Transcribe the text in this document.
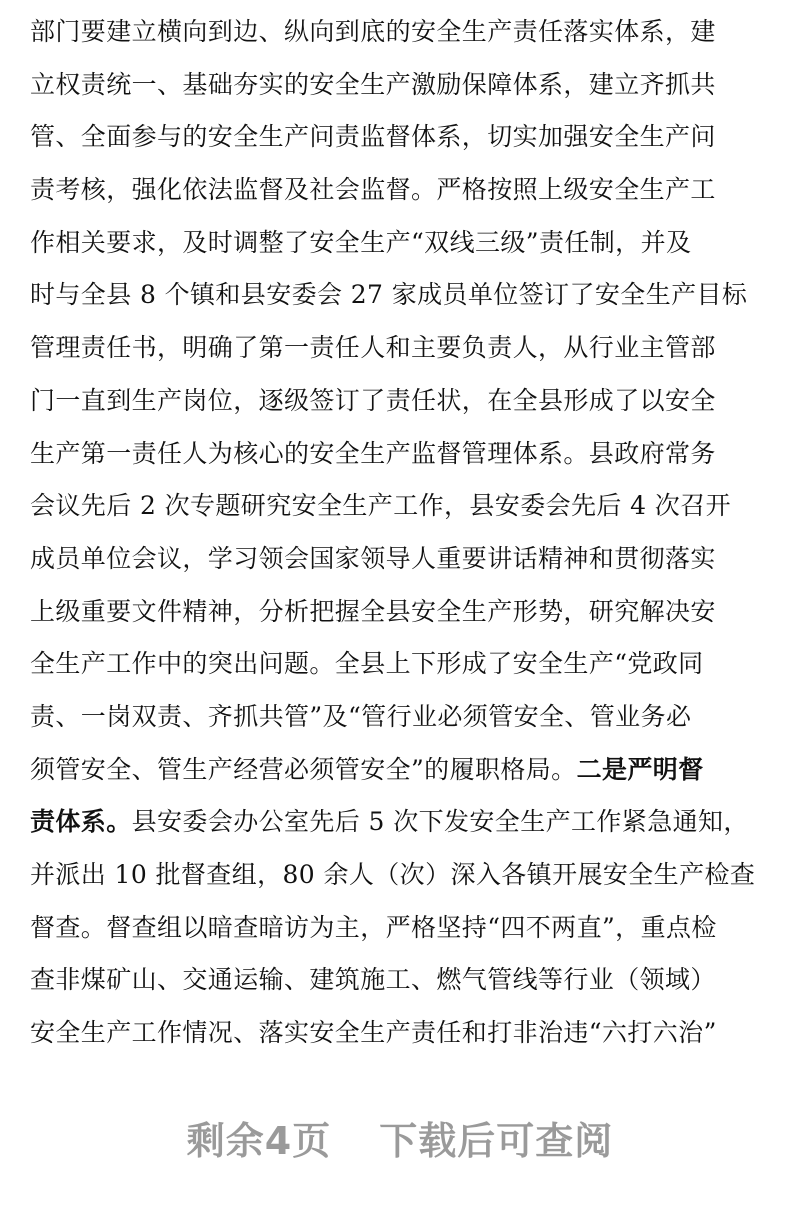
部门要建立横向到边、纵向到底的安全生产责任落实体系，建
立权责统一、基础夯实的安全生产激励保障体系，建立齐抓共
管、全面参与的安全生产问责监督体系，切实加强安全生产问
责考核，强化依法监督及社会监督。严格按照上级安全生产工
作相关要求，及时调整了安全生产“双线三级”责任制，并及
时与全县 8 个镇和县安委会 27 家成员单位签订了安全生产目标
管理责任书，明确了第一责任人和主要负责人，从行业主管部
门一直到生产岗位，逐级签订了责任状，在全县形成了以安全
生产第一责任人为核心的安全生产监督管理体系。县政府常务
会议先后 2 次专题研究安全生产工作，县安委会先后 4 次召开
成员单位会议，学习领会国家领导人重要讲话精神和贯彻落实
上级重要文件精神，分析把握全县安全生产形势，研究解决安
全生产工作中的突出问题。全县上下形成了安全生产“党政同
责、一岗双责、齐抓共管”及“管行业必须管安全、管业务必
须管安全、管生产经营必须管安全”的履职格局。二是严明督
责体系。县安委会办公室先后 5 次下发安全生产工作紧急通知，
并派出 10 批督查组，80 余人（次）深入各镇开展安全生产检查
督查。督查组以暗查暗访为主，严格坚持“四不两直”，重点检
查非煤矿山、交通运输、建筑施工、燃气管线等行业（领域）
安全生产工作情况、落实安全生产责任和打非治违“六打六治”
剩余4页 下载后可查阅
